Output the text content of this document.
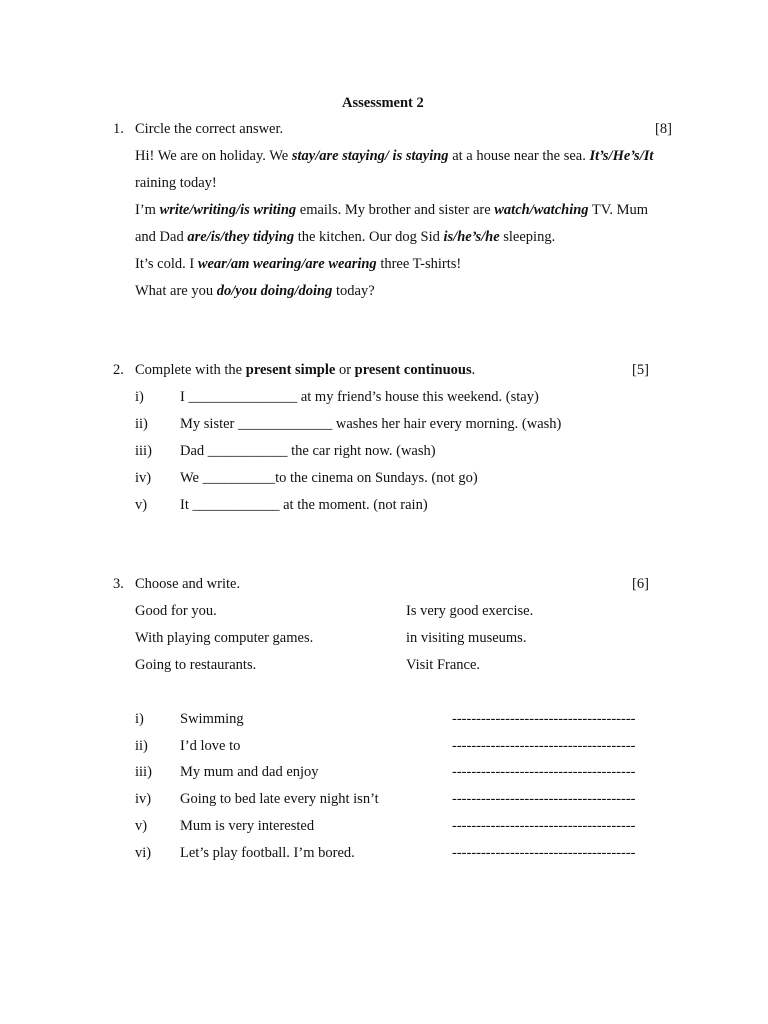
Assessment 2
1. Circle the correct answer.	[8]
Hi! We are on holiday. We stay/are staying/ is staying at a house near the sea. It’s/He’s/It
raining today!
I’m write/writing/is writing emails. My brother and sister are watch/watching TV. Mum
and Dad are/is/they tidying the kitchen. Our dog Sid is/he’s/he sleeping.
It’s cold. I wear/am wearing/are wearing three T-shirts!
What are you do/you doing/doing today?
2. Complete with the present simple or present continuous.	[5]
i) I _______________ at my friend’s house this weekend. (stay)
ii) My sister _____________ washes her hair every morning. (wash)
iii) Dad ___________ the car right now. (wash)
iv) We __________to the cinema on Sundays. (not go)
v) It ____________ at the moment. (not rain)
3. Choose and write.	[6]
Good for you.	Is very good exercise.
With playing computer games.	in visiting museums.
Going to restaurants.	Visit France.
i) Swimming	--------------------------------------
ii) I’d love to	--------------------------------------
iii) My mum and dad enjoy	--------------------------------------
iv) Going to bed late every night isn’t	--------------------------------------
v) Mum is very interested	--------------------------------------
vi) Let’s play football. I’m bored.	--------------------------------------
